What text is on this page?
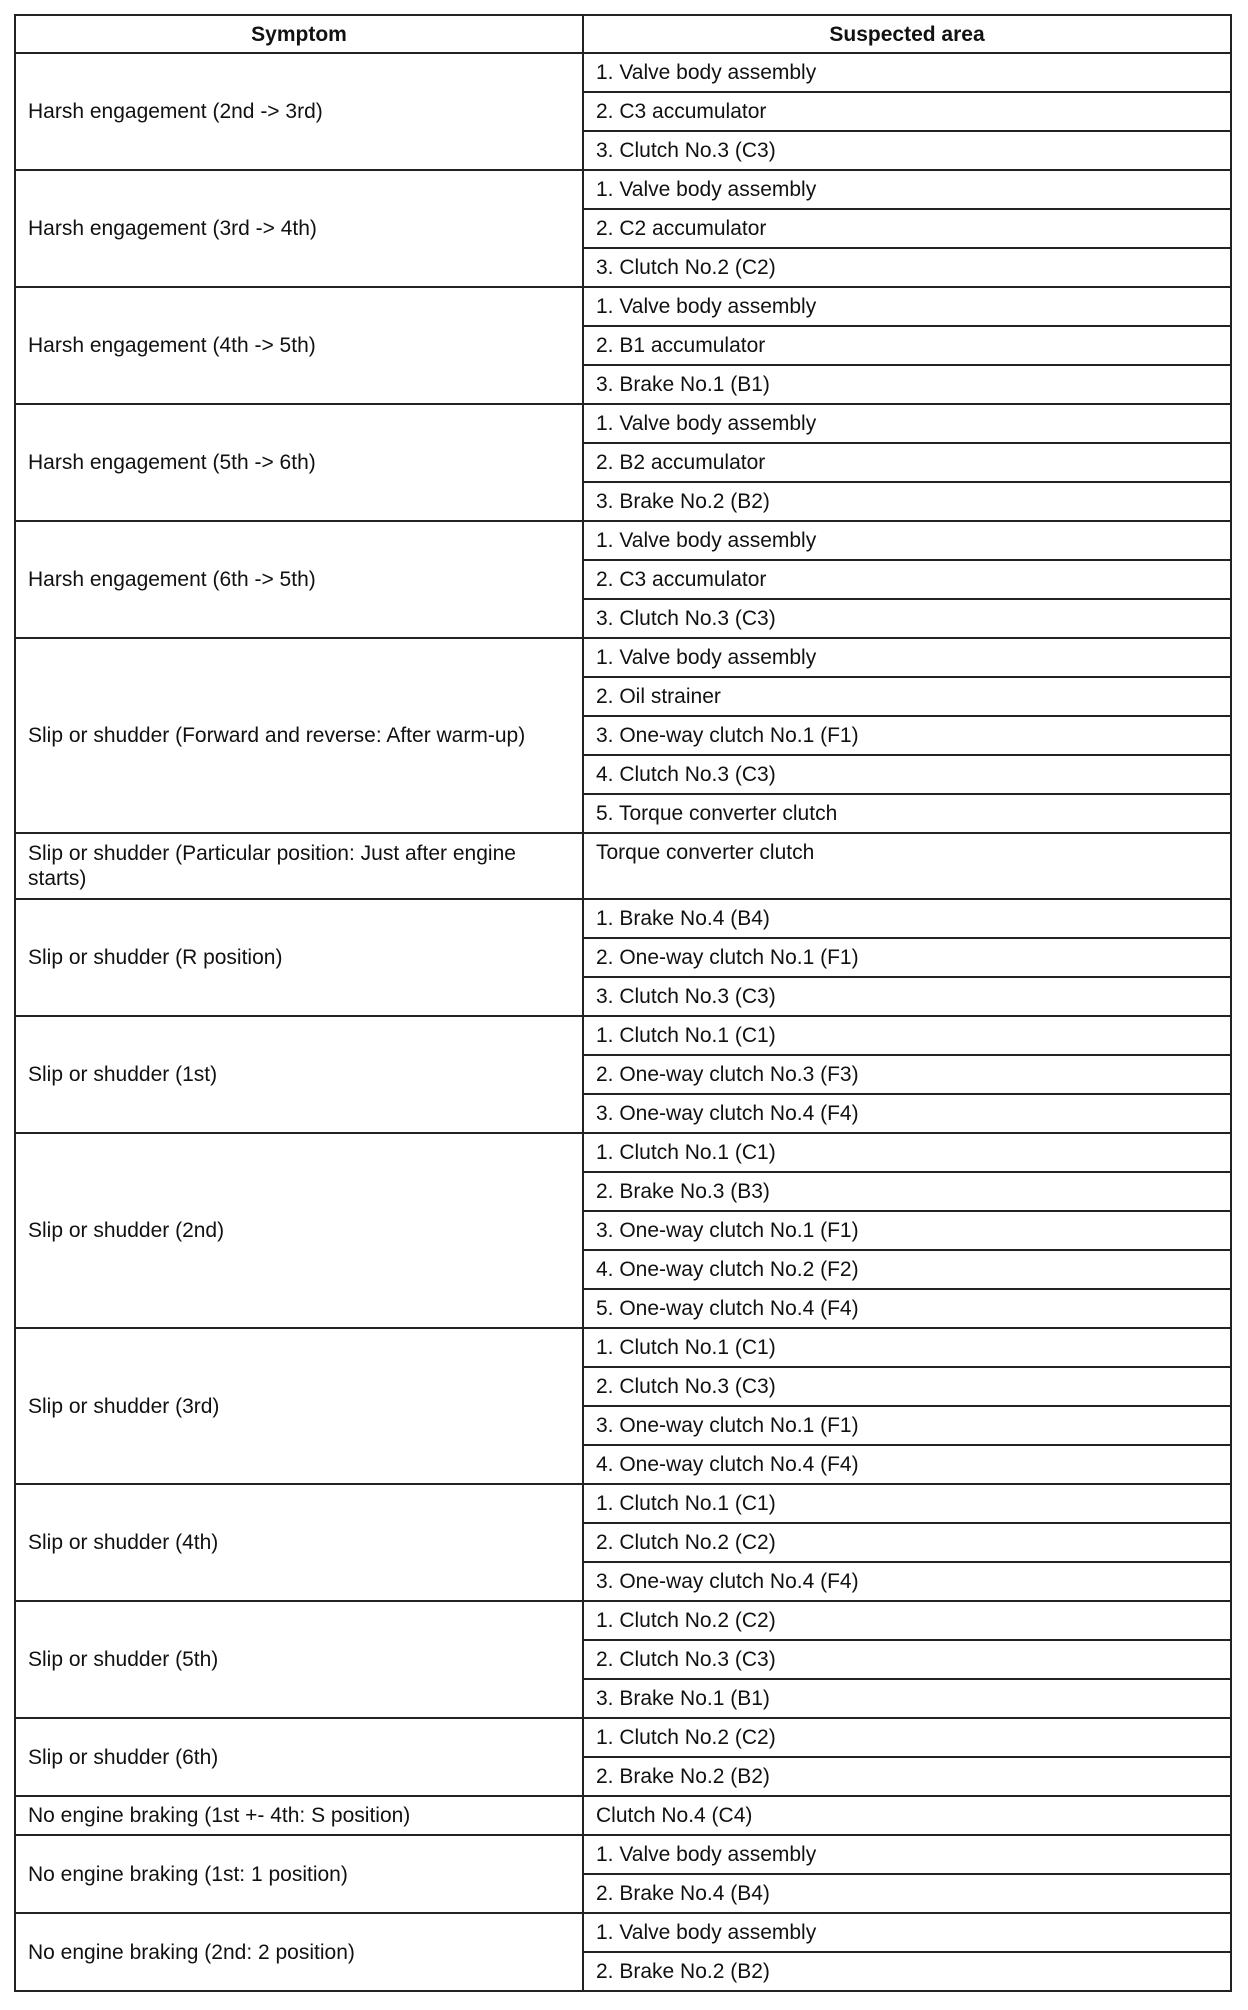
Symptom	Suspected area
Harsh engagement (2nd -> 3rd)	1. Valve body assembly
	2. C3 accumulator
	3. Clutch No.3 (C3)
Harsh engagement (3rd -> 4th)	1. Valve body assembly
	2. C2 accumulator
	3. Clutch No.2 (C2)
Harsh engagement (4th -> 5th)	1. Valve body assembly
	2. B1 accumulator
	3. Brake No.1 (B1)
Harsh engagement (5th -> 6th)	1. Valve body assembly
	2. B2 accumulator
	3. Brake No.2 (B2)
Harsh engagement (6th -> 5th)	1. Valve body assembly
	2. C3 accumulator
	3. Clutch No.3 (C3)
Slip or shudder (Forward and reverse: After warm-up)	1. Valve body assembly
	2. Oil strainer
	3. One-way clutch No.1 (F1)
	4. Clutch No.3 (C3)
	5. Torque converter clutch
Slip or shudder (Particular position: Just after engine starts)	Torque converter clutch
Slip or shudder (R position)	1. Brake No.4 (B4)
	2. One-way clutch No.1 (F1)
	3. Clutch No.3 (C3)
Slip or shudder (1st)	1. Clutch No.1 (C1)
	2. One-way clutch No.3 (F3)
	3. One-way clutch No.4 (F4)
Slip or shudder (2nd)	1. Clutch No.1 (C1)
	2. Brake No.3 (B3)
	3. One-way clutch No.1 (F1)
	4. One-way clutch No.2 (F2)
	5. One-way clutch No.4 (F4)
Slip or shudder (3rd)	1. Clutch No.1 (C1)
	2. Clutch No.3 (C3)
	3. One-way clutch No.1 (F1)
	4. One-way clutch No.4 (F4)
Slip or shudder (4th)	1. Clutch No.1 (C1)
	2. Clutch No.2 (C2)
	3. One-way clutch No.4 (F4)
Slip or shudder (5th)	1. Clutch No.2 (C2)
	2. Clutch No.3 (C3)
	3. Brake No.1 (B1)
Slip or shudder (6th)	1. Clutch No.2 (C2)
	2. Brake No.2 (B2)
No engine braking (1st +- 4th: S position)	Clutch No.4 (C4)
No engine braking (1st: 1 position)	1. Valve body assembly
	2. Brake No.4 (B4)
No engine braking (2nd: 2 position)	1. Valve body assembly
	2. Brake No.2 (B2)
